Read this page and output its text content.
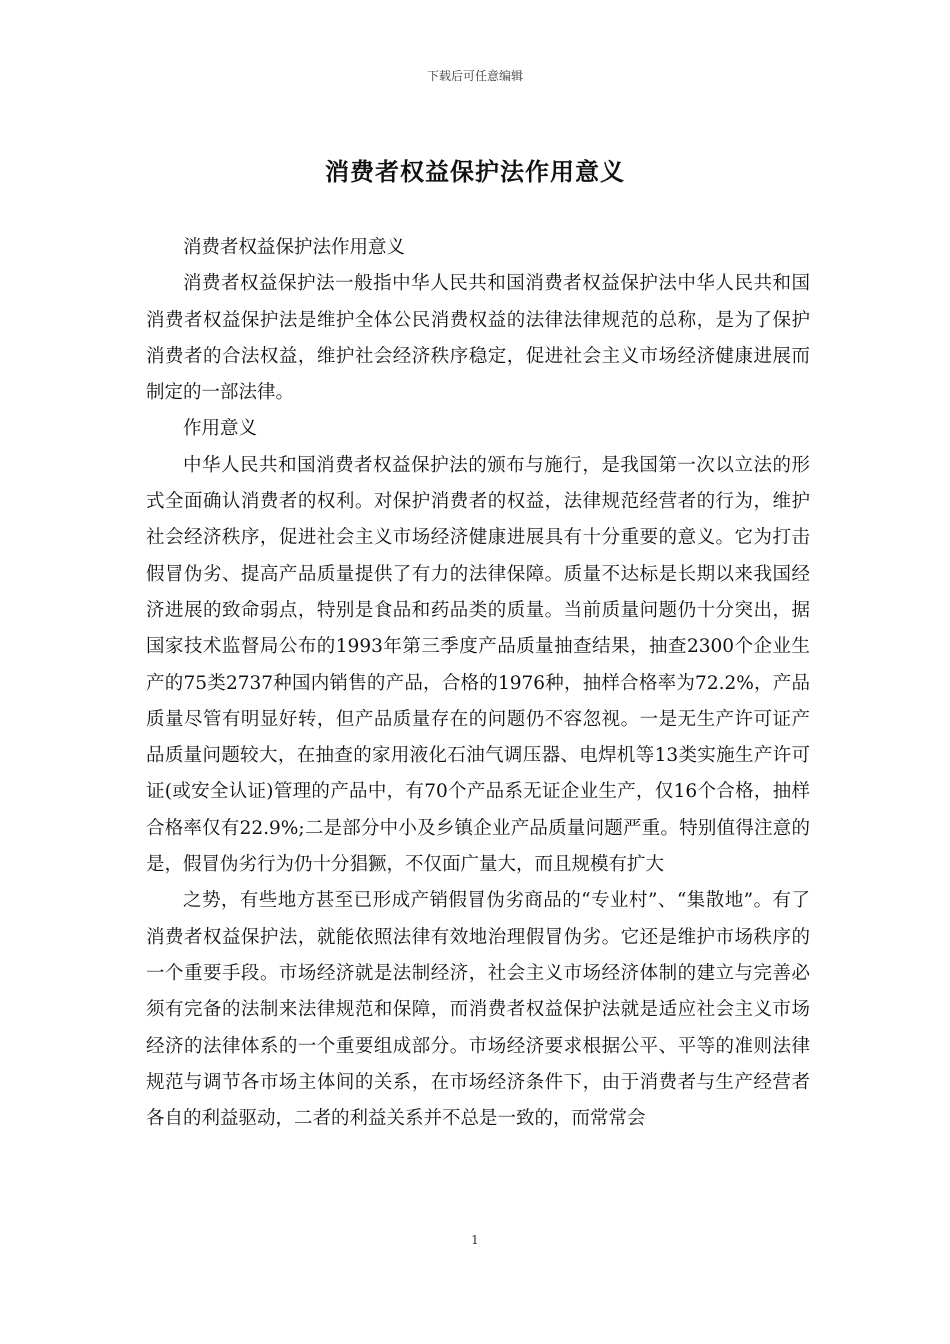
下载后可任意编辑
消费者权益保护法作用意义

消费者权益保护法作用意义

消费者权益保护法一般指中华人民共和国消费者权益保护法中华人民共和国消费者权益保护法是维护全体公民消费权益的法律法律规范的总称，是为了保护消费者的合法权益，维护社会经济秩序稳定，促进社会主义市场经济健康进展而制定的一部法律。

作用意义

中华人民共和国消费者权益保护法的颁布与施行，是我国第一次以立法的形式全面确认消费者的权利。对保护消费者的权益，法律规范经营者的行为，维护社会经济秩序，促进社会主义市场经济健康进展具有十分重要的意义。它为打击假冒伪劣、提高产品质量提供了有力的法律保障。质量不达标是长期以来我国经济进展的致命弱点，特别是食品和药品类的质量。当前质量问题仍十分突出，据国家技术监督局公布的1993年第三季度产品质量抽查结果，抽查2300个企业生产的75类2737种国内销售的产品，合格的1976种，抽样合格率为72.2%，产品质量尽管有明显好转，但产品质量存在的问题仍不容忽视。一是无生产许可证产品质量问题较大，在抽查的家用液化石油气调压器、电焊机等13类实施生产许可证(或安全认证)管理的产品中，有70个产品系无证企业生产，仅16个合格，抽样合格率仅有22.9%;二是部分中小及乡镇企业产品质量问题严重。特别值得注意的是，假冒伪劣行为仍十分猖獗，不仅面广量大，而且规模有扩大

之势，有些地方甚至已形成产销假冒伪劣商品的“专业村”、“集散地”。有了消费者权益保护法，就能依照法律有效地治理假冒伪劣。它还是维护市场秩序的一个重要手段。市场经济就是法制经济，社会主义市场经济体制的建立与完善必须有完备的法制来法律规范和保障，而消费者权益保护法就是适应社会主义市场经济的法律体系的一个重要组成部分。市场经济要求根据公平、平等的准则法律规范与调节各市场主体间的关系，在市场经济条件下，由于消费者与生产经营者各自的利益驱动，二者的利益关系并不总是一致的，而常常会

1
